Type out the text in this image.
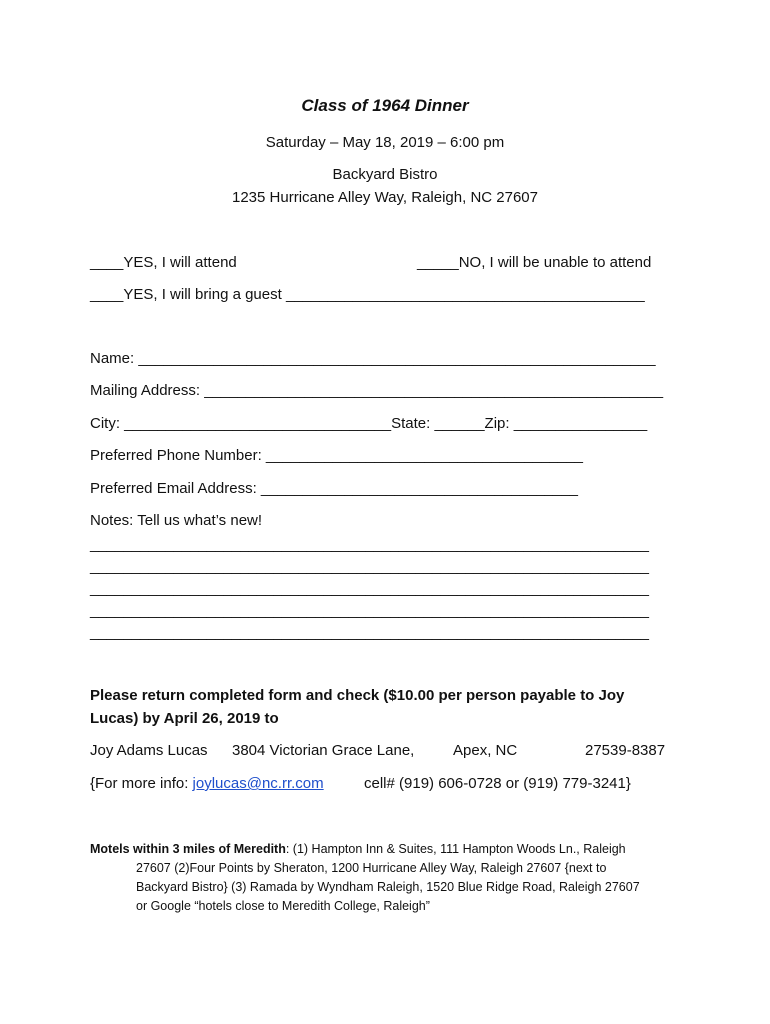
Class of 1964 Dinner
Saturday – May 18, 2019 – 6:00 pm
Backyard Bistro
1235 Hurricane Alley Way, Raleigh, NC 27607
____YES, I will attend	_____NO, I will be unable to attend
____YES, I will bring a guest ___________________________________________
Name: ______________________________________________________________
Mailing Address: _______________________________________________________
City: ________________________________State: ______Zip: ________________
Preferred Phone Number: ______________________________________
Preferred Email Address: ______________________________________
Notes: Tell us what’s new!
___________________________________________________________________
___________________________________________________________________
___________________________________________________________________
___________________________________________________________________
___________________________________________________________________
Please return completed form and check ($10.00 per person payable to Joy
Lucas) by April 26, 2019 to
Joy Adams Lucas 3804 Victorian Grace Lane,	Apex, NC	27539-8387
{For more info: joylucas@nc.rr.com	cell# (919) 606-0728 or (919) 779-3241}
Motels within 3 miles of Meredith: (1) Hampton Inn & Suites, 111 Hampton Woods Ln., Raleigh
27607 (2)Four Points by Sheraton, 1200 Hurricane Alley Way, Raleigh 27607 {next to
Backyard Bistro} (3) Ramada by Wyndham Raleigh, 1520 Blue Ridge Road, Raleigh 27607
or Google “hotels close to Meredith College, Raleigh”
